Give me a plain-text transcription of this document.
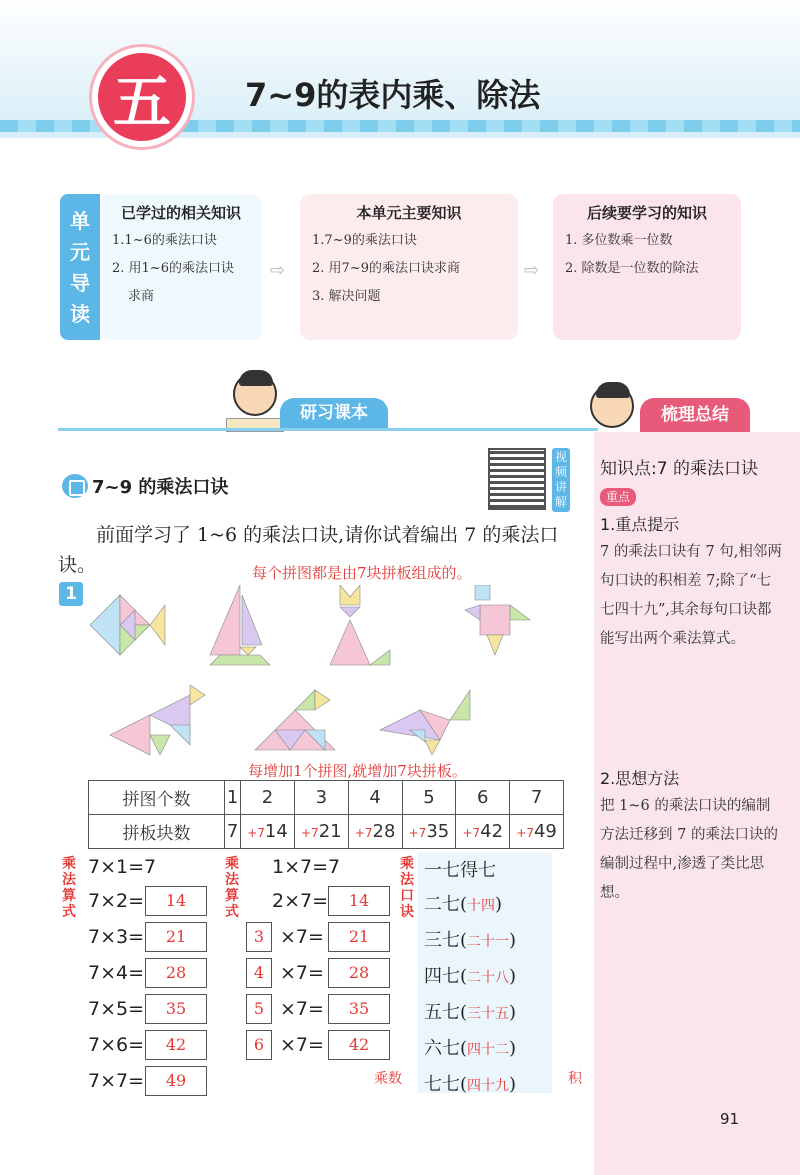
五 7~9的表内乘、除法
单元导读
已学过的相关知识

1.1~6的乘法口诀

2. 用1~6的乘法口诀

求商

⇨
本单元主要知识

1.7~9的乘法口诀

2. 用7~9的乘法口诀求商

3. 解决问题

⇨
后续要学习的知识

1. 多位数乘一位数

2. 除数是一位数的除法

研习课本	梳理总结
知识点:7 的乘法口诀 重点
1.重点提示
7 的乘法口诀有 7 句,相邻两句口诀的积相差 7;除了“七七四十九”,其余每句口诀都能写出两个乘法算式。
2.思想方法
把 1~6 的乘法口诀的编制方法迁移到 7 的乘法口诀的编制过程中,渗透了类比思想。
7~9 的乘法口诀
视频讲解
前面学习了 1~6 的乘法口诀,请你试着编出 7 的乘法口诀。
1
每个拼图都是由7块拼板组成的。
每增加1个拼图,就增加7块拼板。
拼图个数	1	2	3	4	5	6	7
拼板块数	7	+714	+721	+728	+735	+742	+749
乘法算式
7×1=7
7×2=	14
7×3=	21
7×4=	28
7×5=	35
7×6=	42
7×7=	49
乘法算式
1×7=7
2×7=	14
3 ×7=	21
4 ×7=	28
5 ×7=	35
6 ×7=	42
乘法口诀
一七得七
二七(十四)
三七(二十一)
四七(二十八)
五七(三十五)
六七(四十二)
七七(四十九)
乘数	积
91
